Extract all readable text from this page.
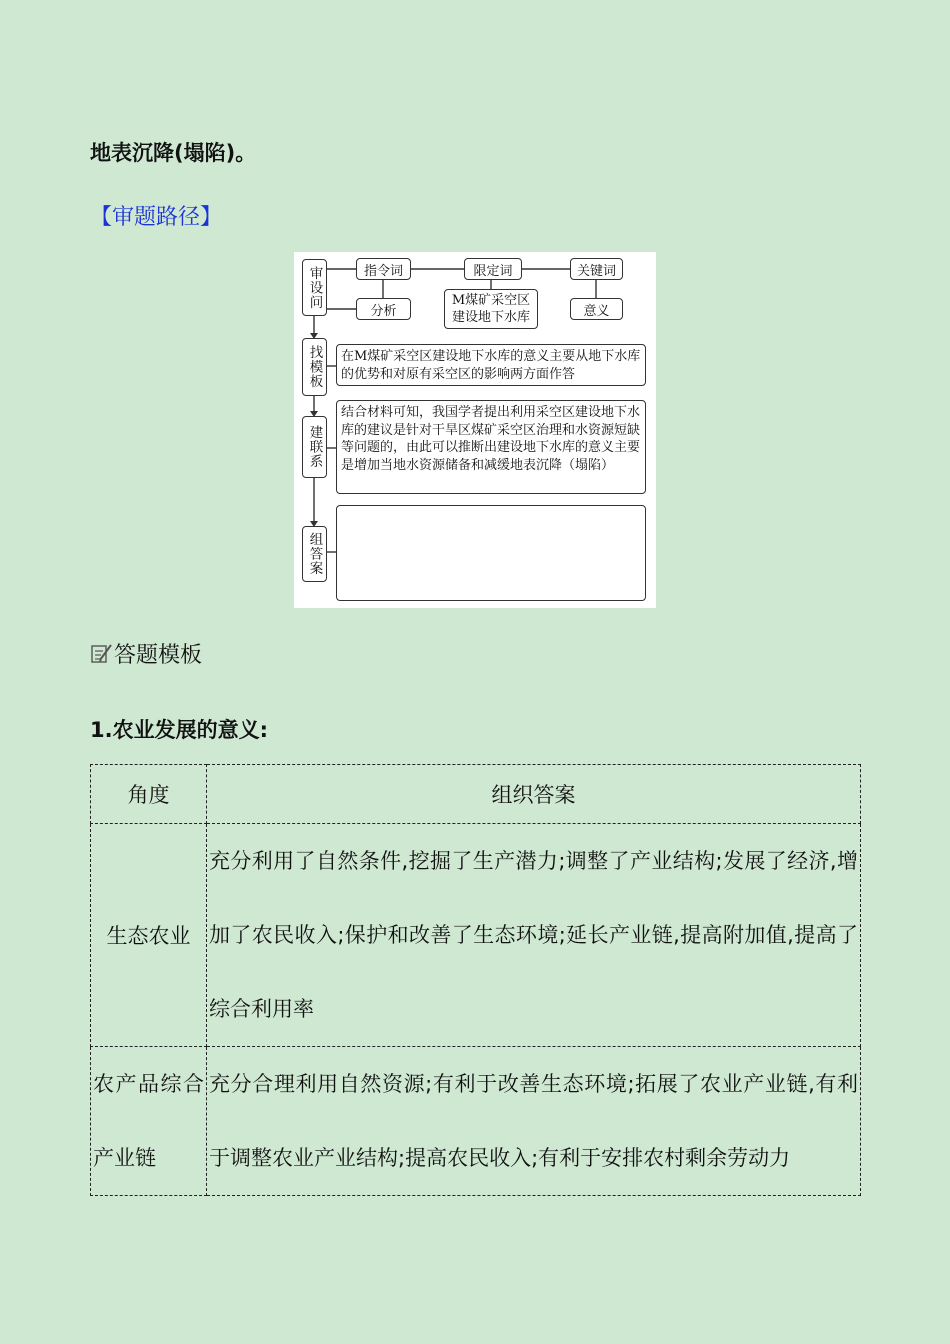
地表沉降(塌陷)。
【审题路径】
审设问
找模板
建联系
组答案
指令词	限定词	关键词
分析
M煤矿采空区建设地下水库	意义
在M煤矿采空区建设地下水库的意义主要从地下水库的优势和对原有采空区的影响两方面作答
结合材料可知，我国学者提出利用采空区建设地下水库的建议是针对干旱区煤矿采空区治理和水资源短缺等问题的，由此可以推断出建设地下水库的意义主要是增加当地水资源储备和减缓地表沉降（塌陷）
答题模板
1.农业发展的意义:
角度	组织答案
生态农业	充分利用了自然条件,挖掘了生产潜力;调整了产业结构;发展了经济,增加了农民收入;保护和改善了生态环境;延长产业链,提高附加值,提高了综合利用率
农产品综合产业链	充分合理利用自然资源;有利于改善生态环境;拓展了农业产业链,有利于调整农业产业结构;提高农民收入;有利于安排农村剩余劳动力
